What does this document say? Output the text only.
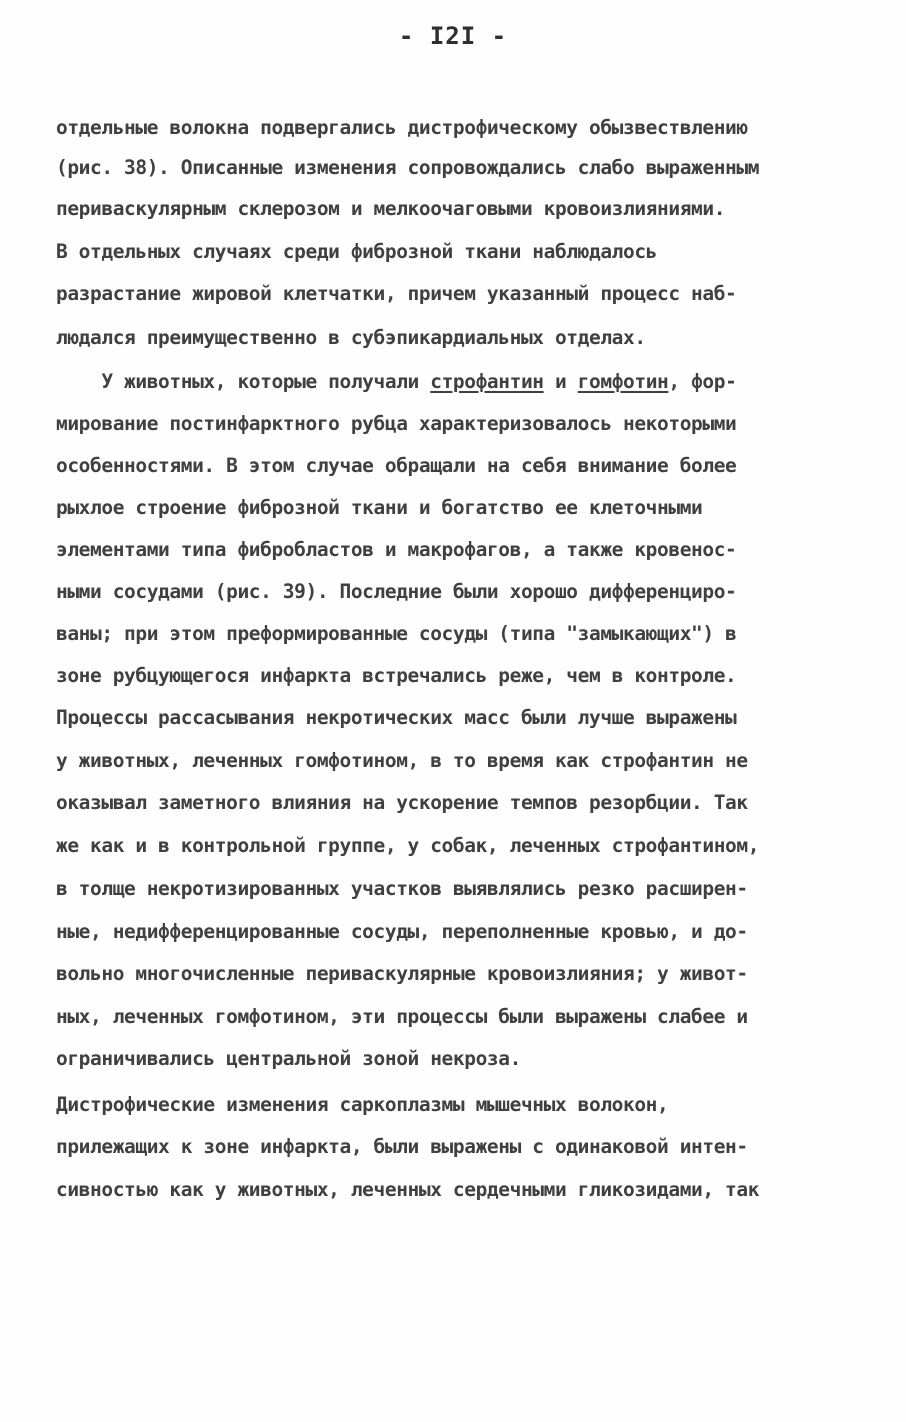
- I2I -
отдельные волокна подвергались дистрофическому обызвествлению
(рис. 38). Описанные изменения сопровождались слабо выраженным
периваскулярным склерозом и мелкоочаговыми кровоизлияниями.
В отдельных случаях среди фиброзной ткани наблюдалось
разрастание жировой клетчатки, причем указанный процесс наб-
людался преимущественно в субэпикардиальных отделах.
У животных, которые получали строфантин и гомфотин, фор-
мирование постинфарктного рубца характеризовалось некоторыми
особенностями. В этом случае обращали на себя внимание более
рыхлое строение фиброзной ткани и богатство ее клеточными
элементами типа фибробластов и макрофагов, а также кровенос-
ными сосудами (рис. 39). Последние были хорошо дифференциро-
ваны; при этом преформированные сосуды (типа "замыкающих") в
зоне рубцующегося инфаркта встречались реже, чем в контроле.
Процессы рассасывания некротических масс были лучше выражены
у животных, леченных гомфотином, в то время как строфантин не
оказывал заметного влияния на ускорение темпов резорбции. Так
же как и в контрольной группе, у собак, леченных строфантином,
в толще некротизированных участков выявлялись резко расширен-
ные, недифференцированные сосуды, переполненные кровью, и до-
вольно многочисленные периваскулярные кровоизлияния; у живот-
ных, леченных гомфотином, эти процессы были выражены слабее и
ограничивались центральной зоной некроза.
Дистрофические изменения саркоплазмы мышечных волокон,
прилежащих к зоне инфаркта, были выражены с одинаковой интен-
сивностью как у животных, леченных сердечными гликозидами, так
